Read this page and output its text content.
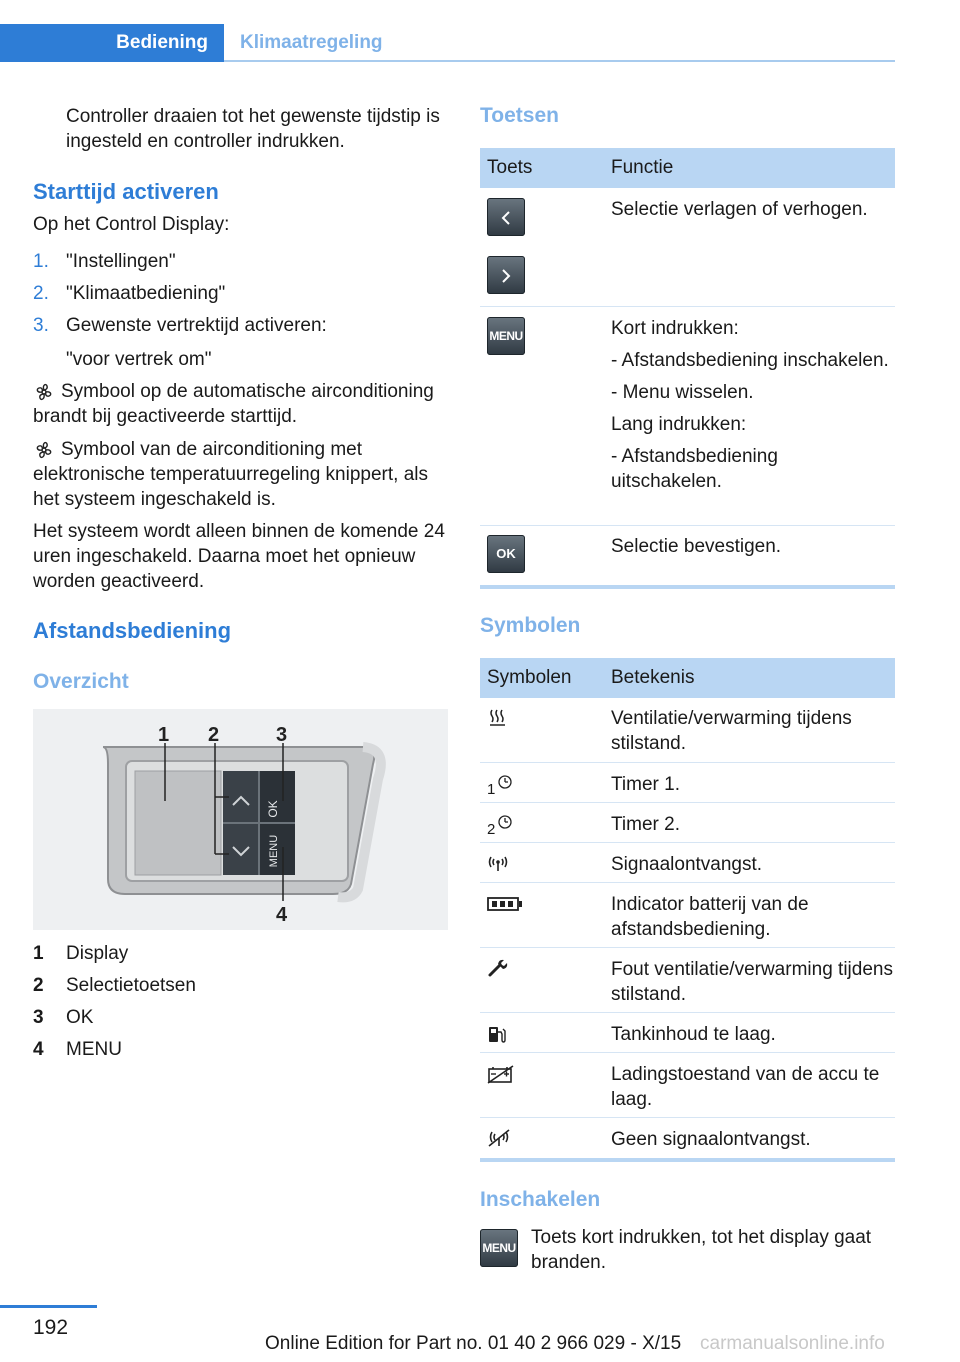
Bediening	Klimaatregeling

Controller draaien tot het gewenste tijdstip is ingesteld en controller indrukken.

Starttijd activeren

Op het Control Display:

1. "Instellingen"
2. "Klimaatbediening"
3. Gewenste vertrektijd activeren:

"voor vertrek om"

Symbool op de automatische airconditioning brandt bij geactiveerde starttijd.

Symbool van de airconditioning met elektronische temperatuurregeling knippert, als het systeem ingeschakeld is.

Het systeem wordt alleen binnen de komende 24 uren ingeschakeld. Daarna moet het opnieuw worden geactiveerd.

Afstandsbediening
Overzicht
OK
MENU
1 2	3
4
1 Display
2 Selectietoetsen
3 OK
4 MENU
Toetsen
Toets	Functie
Selectie verlagen of verhogen.
MENU	Kort indrukken:
- Afstandsbediening inschakelen.
- Menu wisselen.
Lang indrukken:
- Afstandsbediening uitschakelen.
OK	Selectie bevestigen.
Symbolen
Symbolen Betekenis
Ventilatie/verwarming tijdens stilstand.
1	Timer 1.
2	Timer 2.
Signaalontvangst.
Indicator batterij van de afstandsbediening.
Fout ventilatie/verwarming tijdens stilstand.
Tankinhoud te laag.
Ladingstoestand van de accu te laag.
Geen signaalontvangst.
Inschakelen
MENU Toets kort indrukken, tot het display gaat branden.

192
Online Edition for Part no. 01 40 2 966 029 - X/15 carmanualsonline.info
